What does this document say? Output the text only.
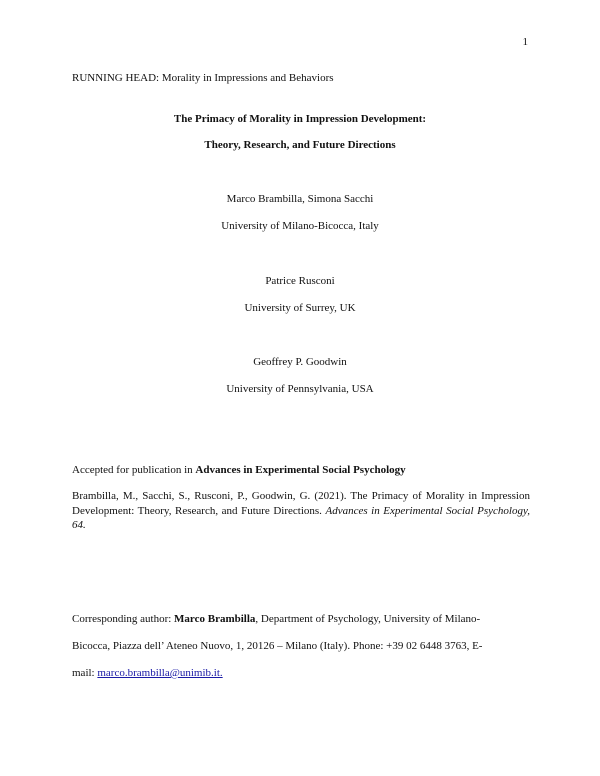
1
RUNNING HEAD: Morality in Impressions and Behaviors
The Primacy of Morality in Impression Development:
Theory, Research, and Future Directions
Marco Brambilla, Simona Sacchi
University of Milano-Bicocca, Italy
Patrice Rusconi
University of Surrey, UK
Geoffrey P. Goodwin
University of Pennsylvania, USA
Accepted for publication in Advances in Experimental Social Psychology
Brambilla, M., Sacchi, S., Rusconi, P., Goodwin, G. (2021). The Primacy of Morality in Impression Development: Theory, Research, and Future Directions. Advances in Experimental Social Psychology, 64.
Corresponding author: Marco Brambilla, Department of Psychology, University of Milano-
Bicocca, Piazza dell’ Ateneo Nuovo, 1, 20126 – Milano (Italy). Phone: +39 02 6448 3763, E-
mail: marco.brambilla@unimib.it.
